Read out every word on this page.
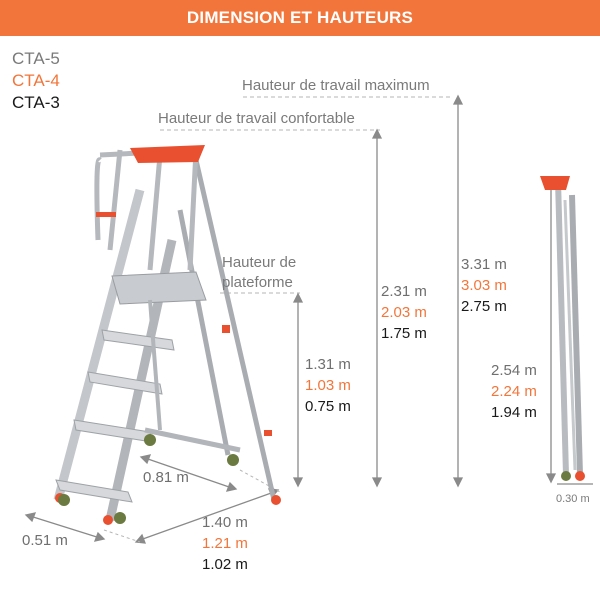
DIMENSION ET HAUTEURS
CTA-5
CTA-4
CTA-3
Hauteur de travail maximum
Hauteur de travail confortable
Hauteur de
plateforme
3.31 m
3.03 m
2.75 m
2.31 m
2.03 m
1.75 m
1.31 m
1.03 m
0.75 m
2.54 m
2.24 m
1.94 m
1.40 m
1.21 m
1.02 m
0.81 m
0.51 m
0.30 m
